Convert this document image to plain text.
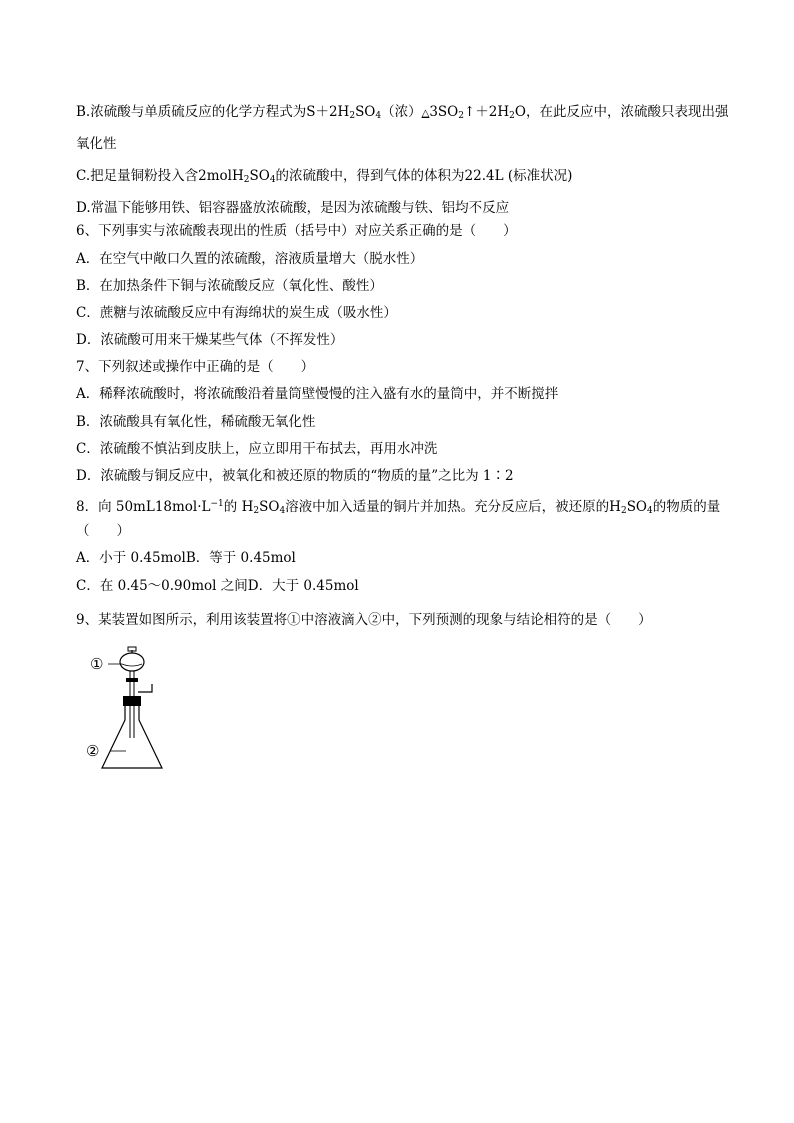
B.浓硫酸与单质硫反应的化学方程式为$S+2H_2SO_4$（浓）$\triangle 3SO_2↑+2H_2O$，在此反应中，浓硫酸只表现出强
氧化性
C.把足量铜粉投入含$2molH_2SO_4$的浓硫酸中，得到气体的体积为22.4L (标准状况)
D.常温下能够用铁、铝容器盛放浓硫酸，是因为浓硫酸与铁、铝均不反应
6、下列事实与浓硫酸表现出的性质（括号中）对应关系正确的是（　　）
A．在空气中敞口久置的浓硫酸，溶液质量增大（脱水性）
B．在加热条件下铜与浓硫酸反应（氧化性、酸性）
C．蔗糖与浓硫酸反应中有海绵状的炭生成（吸水性）
D．浓硫酸可用来干燥某些气体（不挥发性）
7、下列叙述或操作中正确的是（　　）
A．稀释浓硫酸时，将浓硫酸沿着量筒壁慢慢的注入盛有水的量筒中，并不断搅拌
B．浓硫酸具有氧化性，稀硫酸无氧化性
C．浓硫酸不慎沾到皮肤上，应立即用干布拭去，再用水冲洗
D．浓硫酸与铜反应中，被氧化和被还原的物质的“物质的量”之比为 1∶2
8．向 $50mL18mol\cdot L^{-1}$的 $H_2SO_4$溶液中加入适量的铜片并加热。充分反应后，被还原的$H_2SO_4$的物质的量
（　　）
A．小于 0.45molB．等于 0.45mol
C．在 0.45～0.90mol 之间D．大于 0.45mol
9、某装置如图所示，利用该装置将①中溶液滴入②中，下列预测的现象与结论相符的是（　　）
①
②
